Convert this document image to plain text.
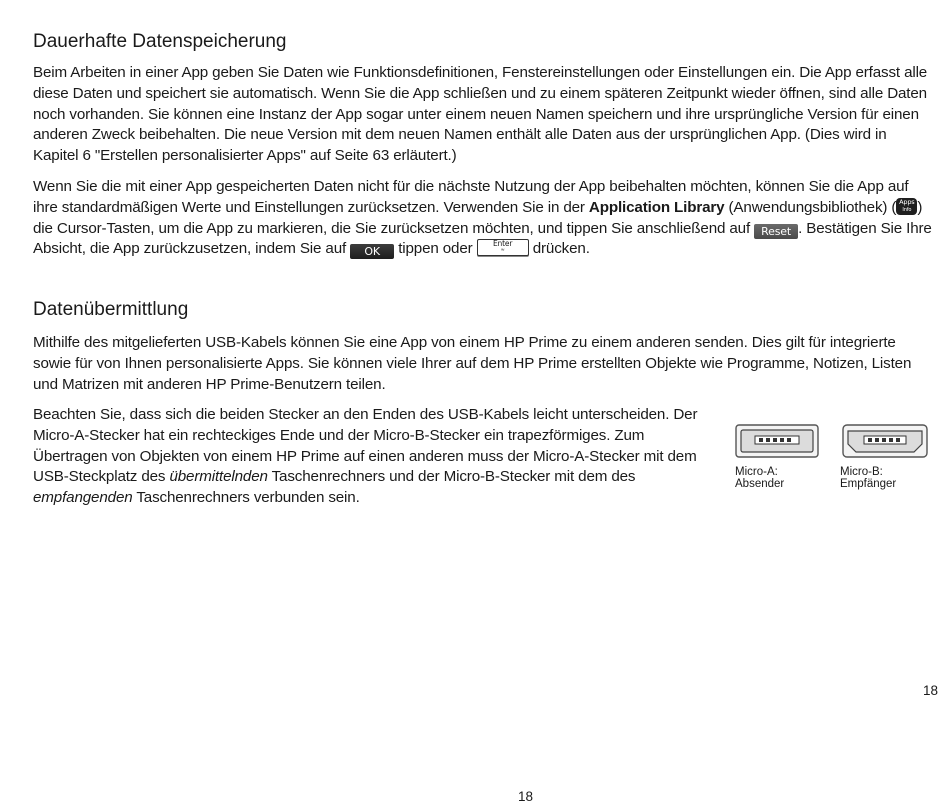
Dauerhafte Datenspeicherung

Beim Arbeiten in einer App geben Sie Daten wie Funktionsdefinitionen, Fenstereinstellungen oder Einstellungen ein. Die App erfasst alle diese Daten und speichert sie automatisch. Wenn Sie die App schließen und zu einem späteren Zeitpunkt wieder öffnen, sind alle Daten noch vorhanden. Sie können eine Instanz der App sogar unter einem neuen Namen speichern und ihre ursprüngliche Version für einen anderen Zweck beibehalten. Die neue Version mit dem neuen Namen enthält alle Daten aus der ursprünglichen App. (Dies wird in Kapitel 6 "Erstellen personalisierter Apps" auf Seite 63 erläutert.)

Wenn Sie die mit einer App gespeicherten Daten nicht für die nächste Nutzung der App beibehalten möchten, können Sie die App auf ihre standardmäßigen Werte und Einstellungen zurücksetzen. Verwenden Sie in der Application Library (Anwendungsbibliothek) ( Apps
Info ) die Cursor-Tasten, um die App zu markieren, die Sie zurücksetzen möchten, und tippen Sie anschließend auf Reset . Bestätigen Sie Ihre Absicht, die App zurückzusetzen, indem Sie auf OK tippen oder	Enter
≈	drücken.

Datenübermittlung

Mithilfe des mitgelieferten USB-Kabels können Sie eine App von einem HP Prime zu einem anderen senden. Dies gilt für integrierte sowie für von Ihnen personalisierte Apps. Sie können viele Ihrer auf dem HP Prime erstellten Objekte wie Programme, Notizen, Listen und Matrizen mit anderen HP Prime-Benutzern teilen.

Beachten Sie, dass sich die beiden Stecker an den Enden des USB-Kabels leicht unterscheiden. Der Micro-A-Stecker hat ein rechteckiges Ende und der Micro-B-Stecker ein trapezförmiges. Zum Übertragen von Objekten von einem HP Prime auf einen anderen muss der Micro-A-Stecker mit dem USB-Steckplatz des übermittelnden Taschenrechners und der Micro-B-Stecker mit dem des empfangenden Taschenrechners verbunden sein.

Micro-A:
Absender
Micro-B:
Empfänger
18
18
